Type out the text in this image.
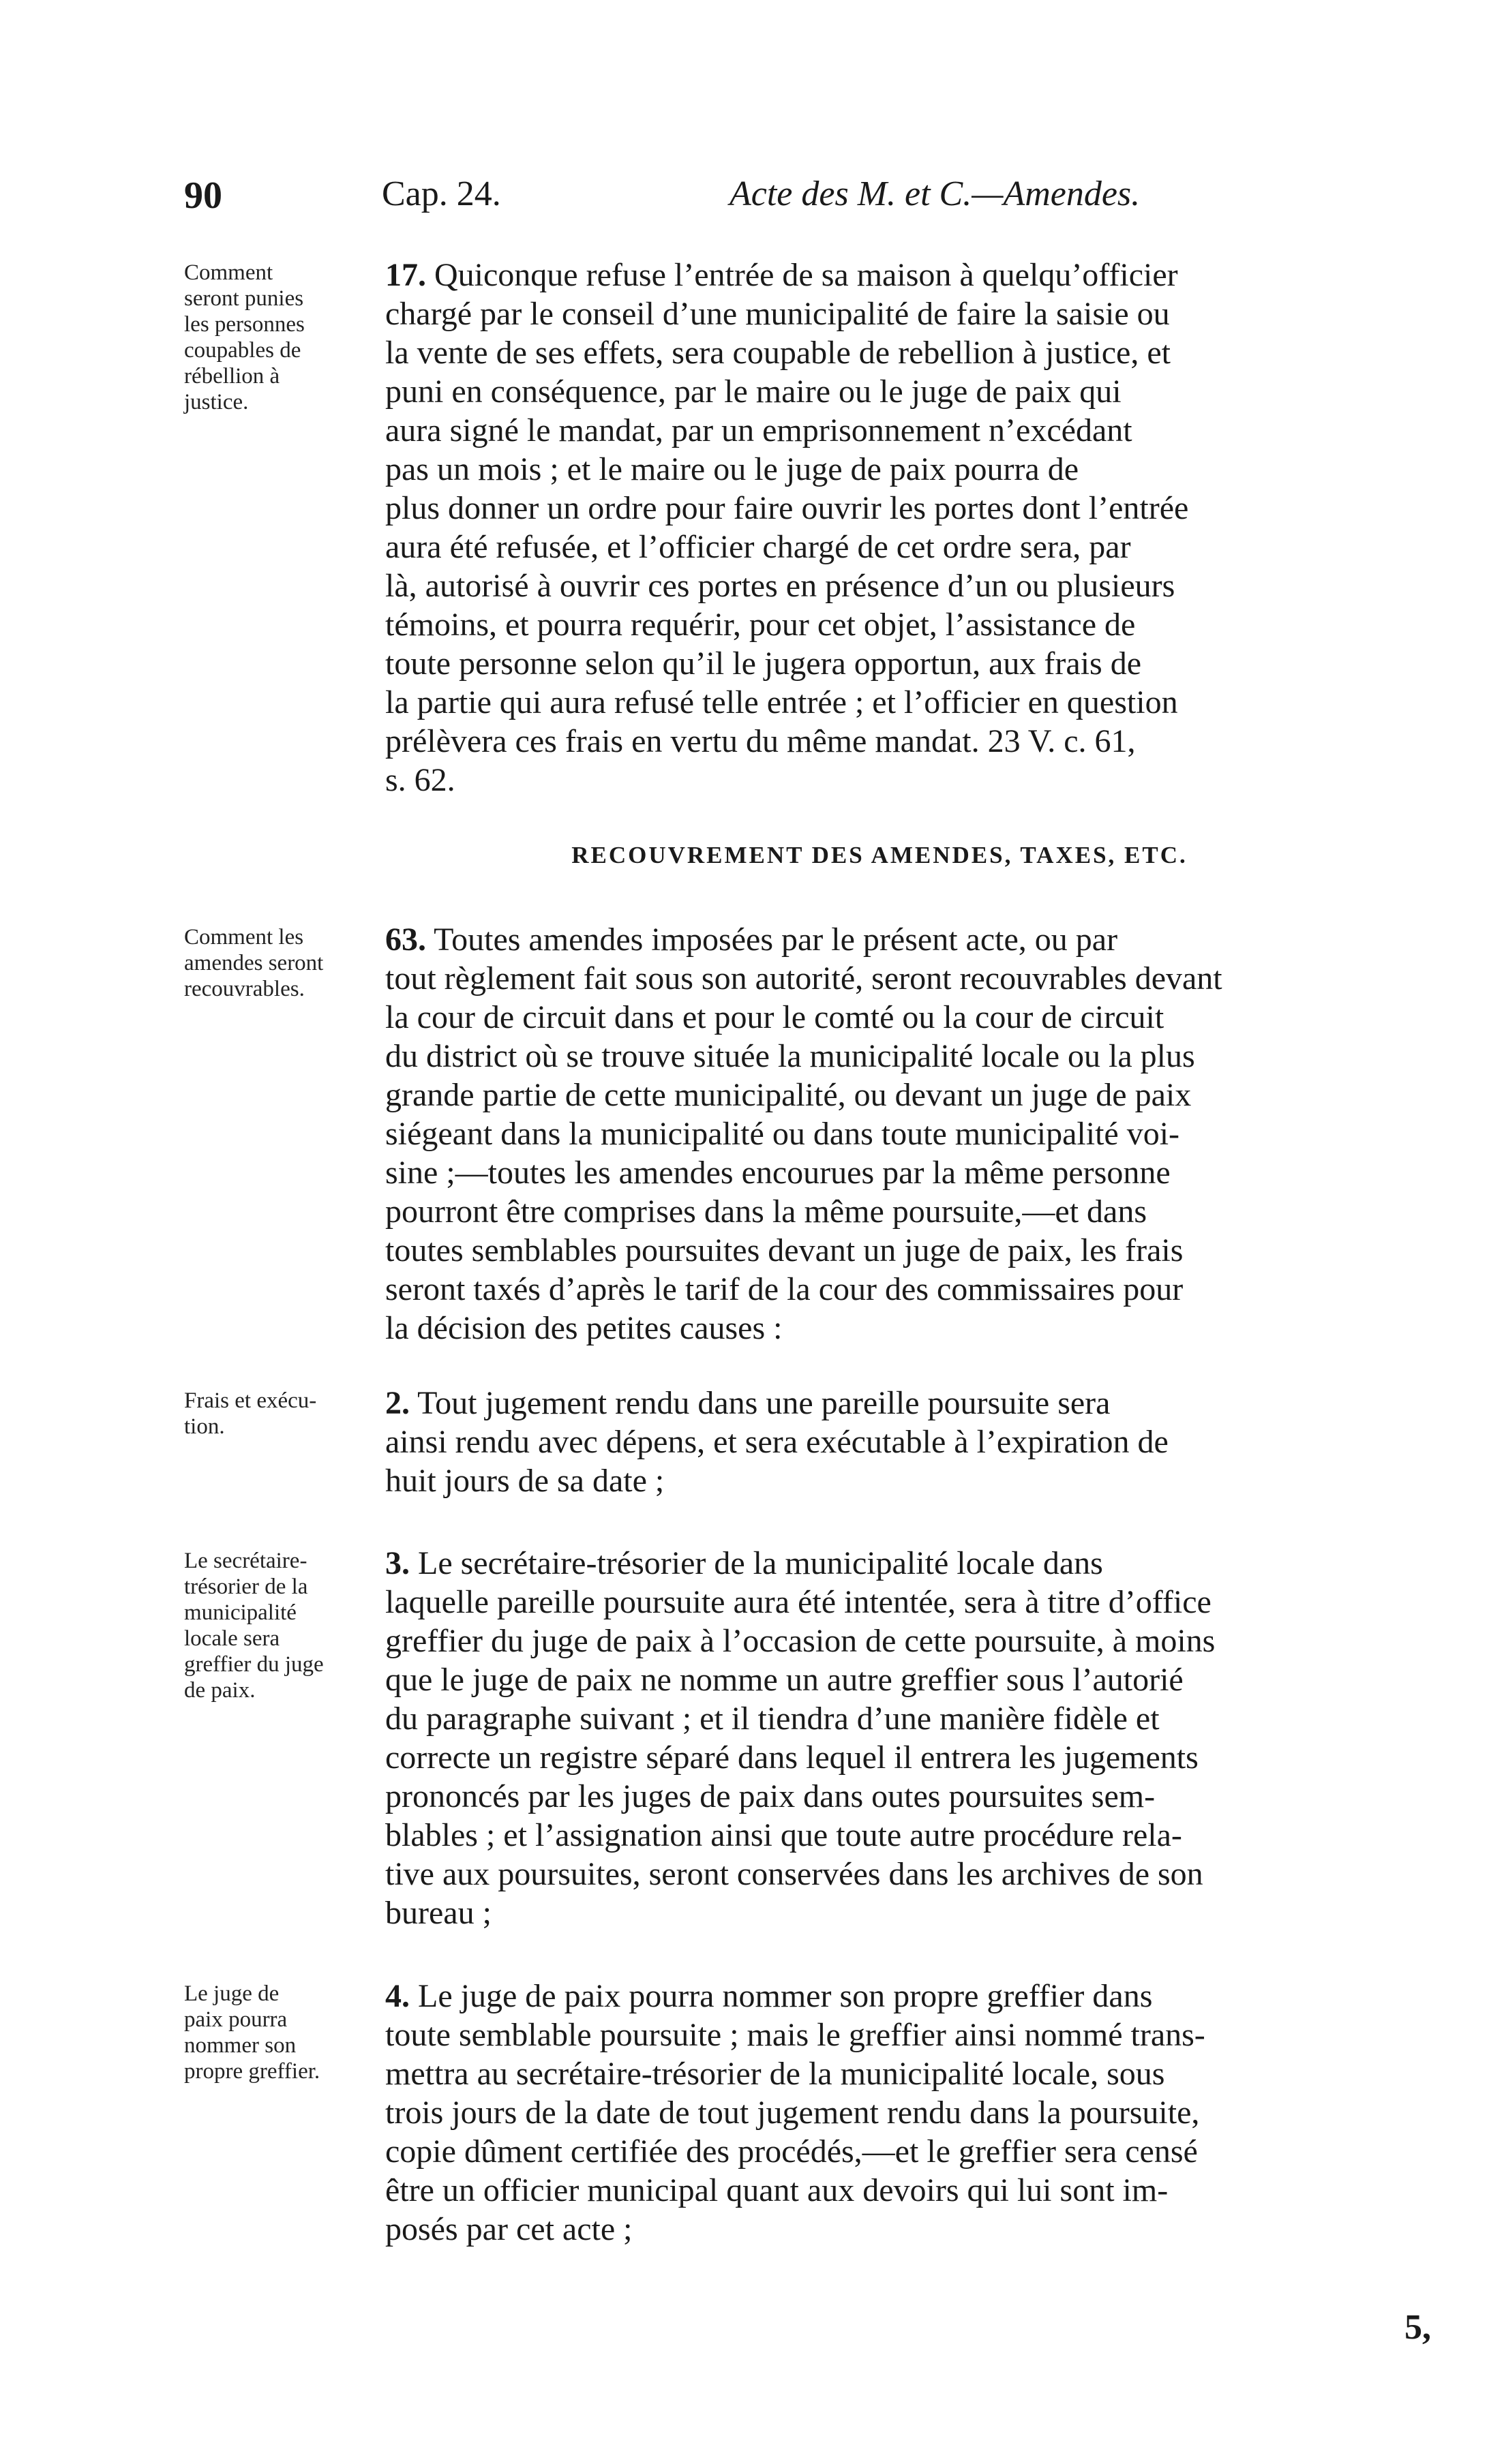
90	Cap. 24.	Acte des M. et C.—Amendes.
Comment
seront punies
les personnes
coupables de
rébellion à
justice.
17. Quiconque refuse l’entrée de sa maison à quelqu’officier
chargé par le conseil d’une municipalité de faire la saisie ou
la vente de ses effets, sera coupable de rebellion à justice, et
puni en conséquence, par le maire ou le juge de paix qui
aura signé le mandat, par un emprisonnement n’excédant
pas un mois ; et le maire ou le juge de paix pourra de
plus donner un ordre pour faire ouvrir les portes dont l’entrée
aura été refusée, et l’officier chargé de cet ordre sera, par
là, autorisé à ouvrir ces portes en présence d’un ou plusieurs
témoins, et pourra requérir, pour cet objet, l’assistance de
toute personne selon qu’il le jugera opportun, aux frais de
la partie qui aura refusé telle entrée ; et l’officier en question
prélèvera ces frais en vertu du même mandat. 23 V. c. 61,
s. 62.
RECOUVREMENT DES AMENDES, TAXES, ETC.
Comment les
amendes seront
recouvrables.
63. Toutes amendes imposées par le présent acte, ou par
tout règlement fait sous son autorité, seront recouvrables devant
la cour de circuit dans et pour le comté ou la cour de circuit
du district où se trouve située la municipalité locale ou la plus
grande partie de cette municipalité, ou devant un juge de paix
siégeant dans la municipalité ou dans toute municipalité voi-
sine ;—toutes les amendes encourues par la même personne
pourront être comprises dans la même poursuite,—et dans
toutes semblables poursuites devant un juge de paix, les frais
seront taxés d’après le tarif de la cour des commissaires pour
la décision des petites causes :
Frais et exécu-
tion.
2. Tout jugement rendu dans une pareille poursuite sera
ainsi rendu avec dépens, et sera exécutable à l’expiration de
huit jours de sa date ;
Le secrétaire-
trésorier de la
municipalité
locale sera
greffier du juge
de paix.
3. Le secrétaire-trésorier de la municipalité locale dans
laquelle pareille poursuite aura été intentée, sera à titre d’office
greffier du juge de paix à l’occasion de cette poursuite, à moins
que le juge de paix ne nomme un autre greffier sous l’autorié
du paragraphe suivant ; et il tiendra d’une manière fidèle et
correcte un registre séparé dans lequel il entrera les jugements
prononcés par les juges de paix dans outes poursuites sem-
blables ; et l’assignation ainsi que toute autre procédure rela-
tive aux poursuites, seront conservées dans les archives de son
bureau ;
Le juge de
paix pourra
nommer son
propre greffier.
4. Le juge de paix pourra nommer son propre greffier dans
toute semblable poursuite ; mais le greffier ainsi nommé trans-
mettra au secrétaire-trésorier de la municipalité locale, sous
trois jours de la date de tout jugement rendu dans la poursuite,
copie dûment certifiée des procédés,—et le greffier sera censé
être un officier municipal quant aux devoirs qui lui sont im-
posés par cet acte ;
5,
